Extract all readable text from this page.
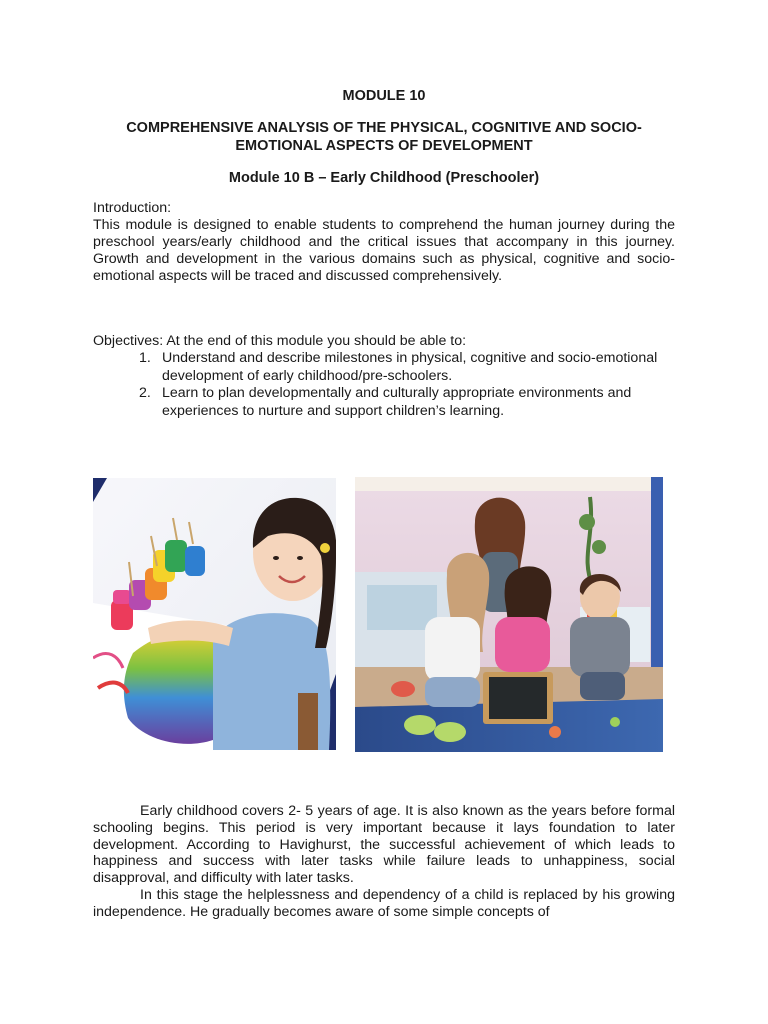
MODULE 10
COMPREHENSIVE ANALYSIS OF THE PHYSICAL, COGNITIVE AND SOCIO-EMOTIONAL ASPECTS OF DEVELOPMENT
Module 10 B – Early Childhood (Preschooler)

Introduction:

This module is designed to enable students to comprehend the human journey during the preschool years/early childhood and the critical issues that accompany in this journey. Growth and development in the various domains such as physical, cognitive and socio-emotional aspects will be traced and discussed comprehensively.

Objectives: At the end of this module you should be able to:

1. Understand and describe milestones in physical, cognitive and socio-emotional development of early childhood/pre-schoolers.
2. Learn to plan developmentally and culturally appropriate environments and experiences to nurture and support children’s learning.

Early childhood covers 2- 5 years of age. It is also known as the years before formal schooling begins. This period is very important because it lays foundation to later development. According to Havighurst, the successful achievement of which leads to happiness and success with later tasks while failure leads to unhappiness, social disapproval, and difficulty with later tasks.

In this stage the helplessness and dependency of a child is replaced by his growing independence. He gradually becomes aware of some simple concepts of
